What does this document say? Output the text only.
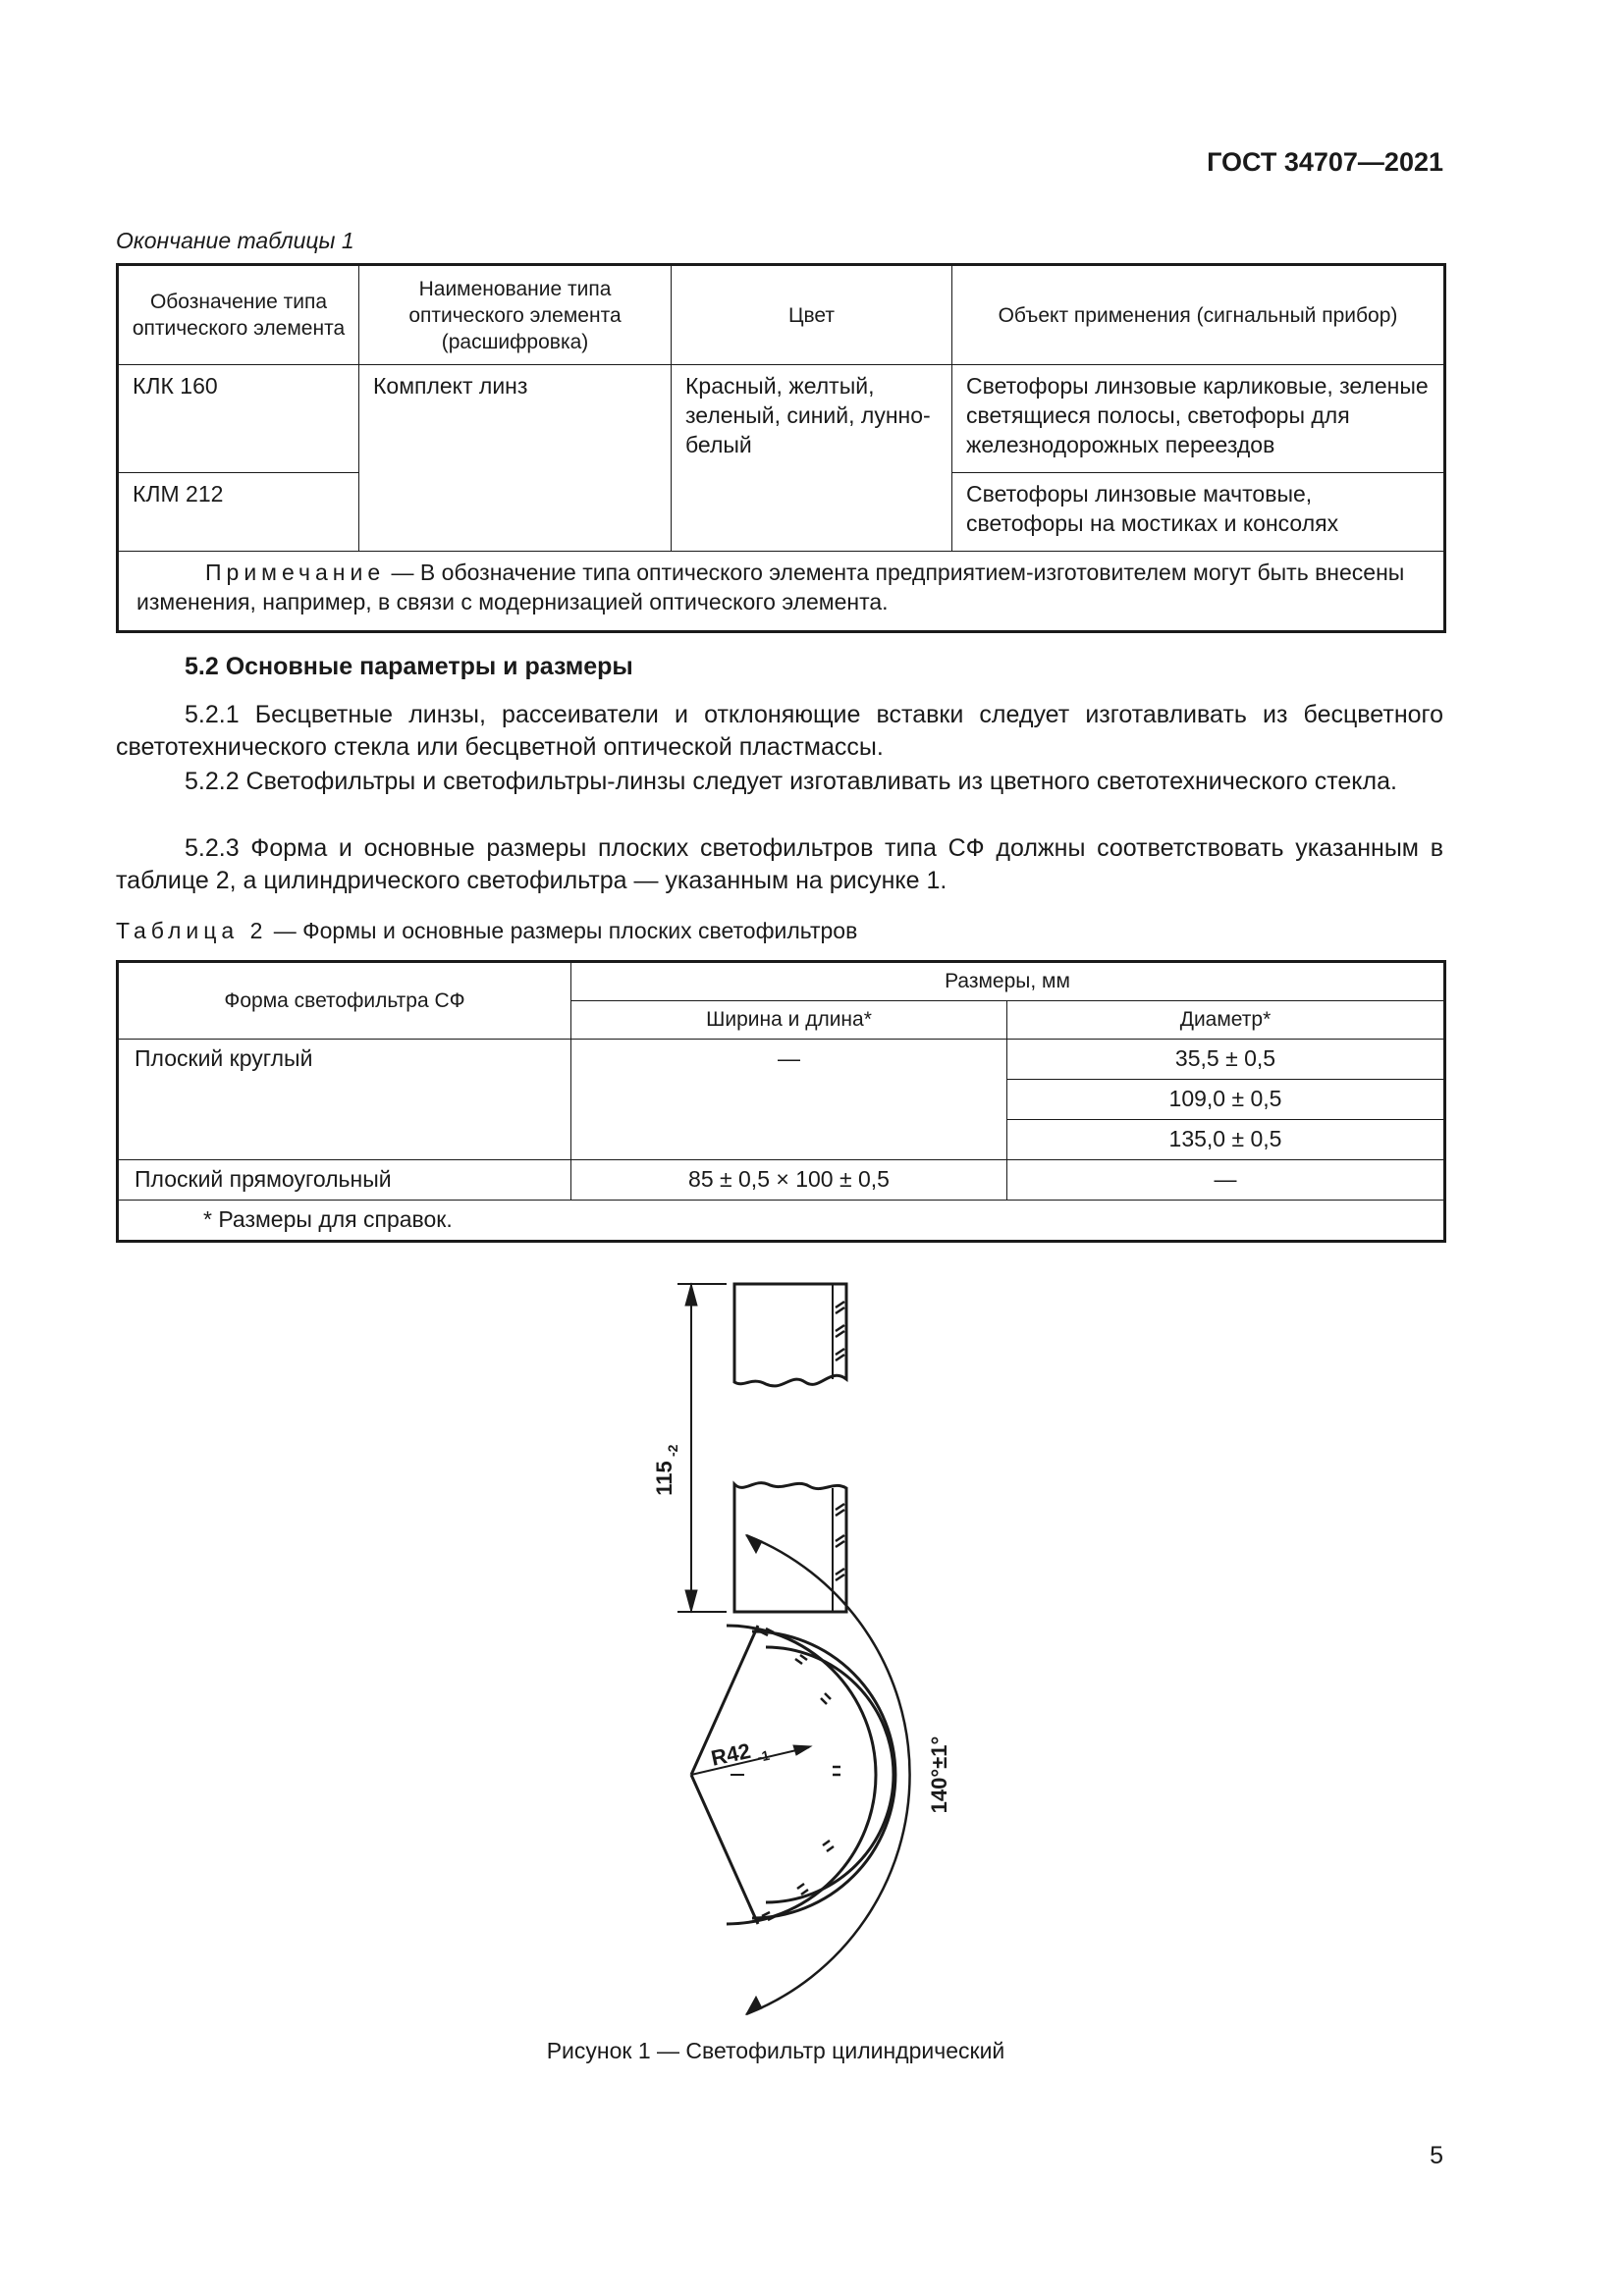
ГОСТ 34707—2021
Окончание таблицы 1
Обозначение типа оптического элемента	Наименование типа оптического элемента (расшифровка)	Цвет	Объект применения (сигнальный прибор)
КЛК 160	Комплект линз	Красный, желтый, зеленый, синий, лунно-белый	Светофоры линзовые карликовые, зеленые светящиеся полосы, светофоры для железнодорожных переездов
КЛМ 212			Светофоры линзовые мачтовые, светофоры на мостиках и консолях
Примечание — В обозначение типа оптического элемента предприятием-изготовителем могут быть внесены изменения, например, в связи с модернизацией оптического элемента.			
5.2 Основные параметры и размеры
5.2.1 Бесцветные линзы, рассеиватели и отклоняющие вставки следует изготавливать из бесцветного светотехнического стекла или бесцветной оптической пластмассы.
5.2.2 Светофильтры и светофильтры-линзы следует изготавливать из цветного светотехнического стекла.
5.2.3 Форма и основные размеры плоских светофильтров типа СФ должны соответствовать указанным в таблице 2, а цилиндрического светофильтра — указанным на рисунке 1.
Таблица 2 — Формы и основные размеры плоских светофильтров
Форма светофильтра СФ	Размеры, мм	
	Ширина и длина*	Диаметр*
Плоский круглый	—	35,5 ± 0,5
		109,0 ± 0,5
		135,0 ± 0,5
Плоский прямоугольный	85 ± 0,5 × 100 ± 0,5	—
* Размеры для справок.		
115
-2
R42 -1	140°±1°
Рисунок 1 — Светофильтр цилиндрический
5
